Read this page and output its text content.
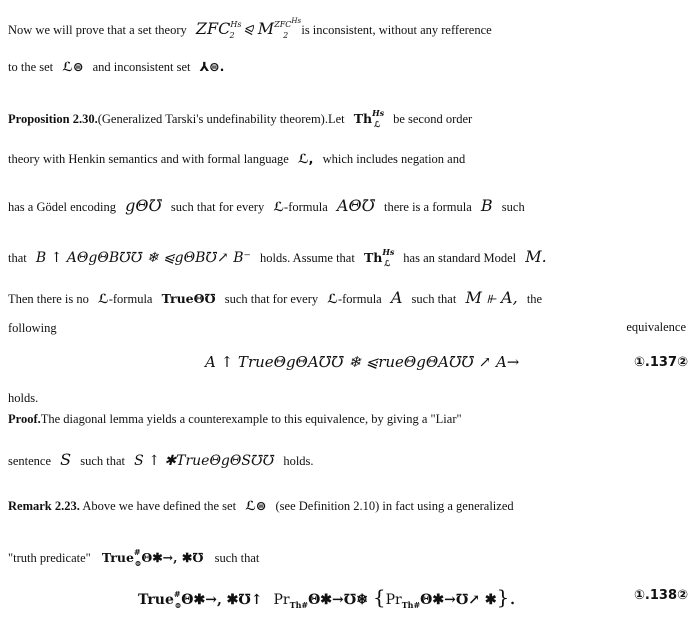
Now we will prove that a set theory $ZFC^{Hs}_2$ ⪨ $M^{ZFCHs}_2$ is inconsistent, without any refference
to the set ℒ⊜ and inconsistent set ⅄⊜.
Proposition 2.30.(Generalized Tarski's undefinability theorem).Let $Th^{Hs}_ℒ$ be second order
theory with Henkin semantics and with formal language ℒ, which includes negation and
has a Gödel encoding gΘ℧ such that for every ℒ-formula AΘ℧ there is a formula B such
that B ↑ AΘgΘB℧℧ ❄ ⩿gΘB℧↗ B⁻ holds. Assume that $Th^{Hs}_ℒ$ has an standard Model M.
Then there is no ℒ-formula TrueΘ℧ such that for every ℒ-formula A such that M ⫦ A, the
following	equivalence
A ↑ TrueΘgΘA℧℧ ❄ ⩿rueΘgΘA℧℧ ↗ A→	①.137②
holds.
Proof.The diagonal lemma yields a counterexample to this equivalence, by giving a "Liar"
sentence S such that S ↑ ✱TrueΘgΘS℧℧ holds.
Remark 2.23. Above we have defined the set ℒ⊜ (see Definition 2.10) in fact using a generalized
"truth predicate" True#$_⊜$Θ✱→, ✱℧ such that
True#$_⊜$Θ✱→, ✱℧↑ $Pr_{Th\#}\Theta✱\to℧❄$ {$Pr_{Th\#}\Theta✱\to℧↗$ ✱}.	①.138②
